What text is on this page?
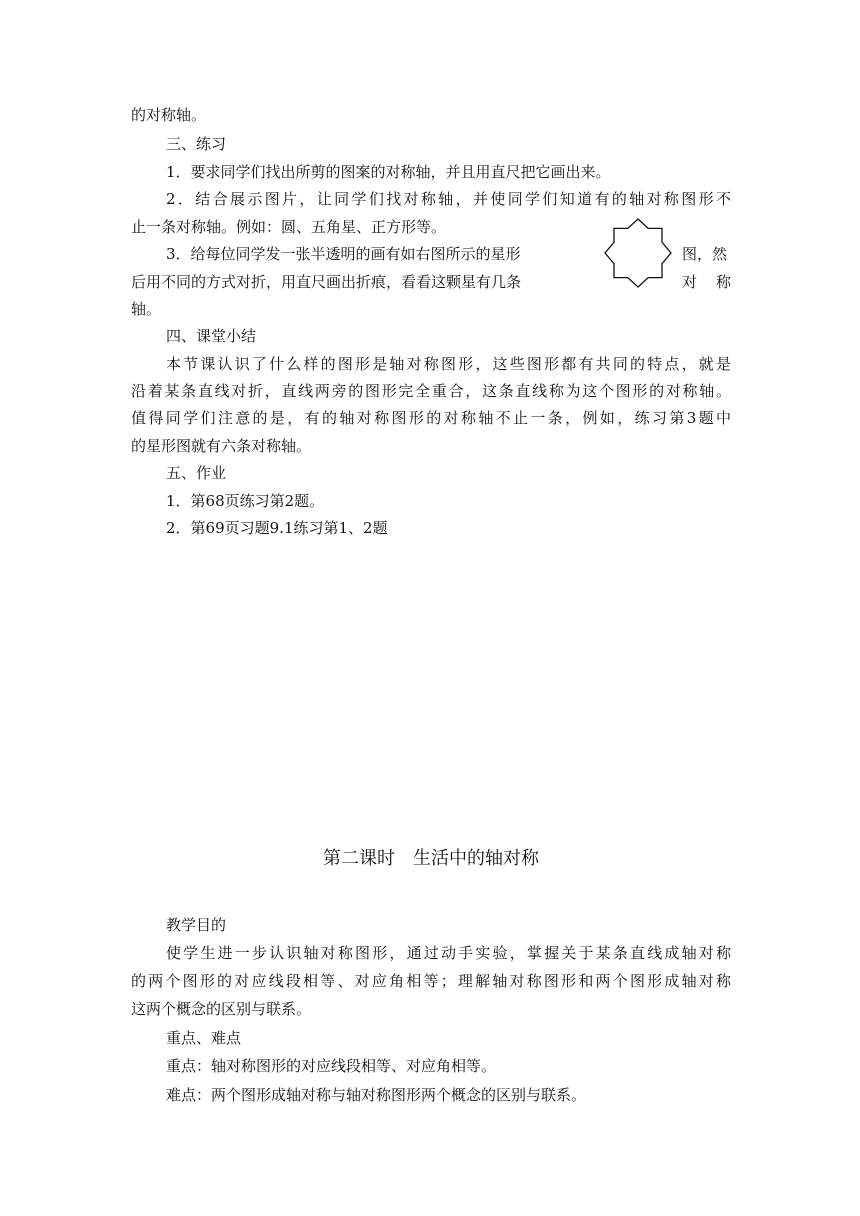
的对称轴。
三、练习
1．要求同学们找出所剪的图案的对称轴，并且用直尺把它画出来。
2．结合展示图片，让同学们找对称轴，并使同学们知道有的轴对称图形不
止一条对称轴。例如：圆、五角星、正方形等。
3．给每位同学发一张半透明的画有如右图所示的星形	图，然
后用不同的方式对折，用直尺画出折痕，看看这颗星有几条	对　称
轴。
四、课堂小结
本节课认识了什么样的图形是轴对称图形，这些图形都有共同的特点，就是
沿着某条直线对折，直线两旁的图形完全重合，这条直线称为这个图形的对称轴。
值得同学们注意的是，有的轴对称图形的对称轴不止一条，例如，练习第3题中
的星形图就有六条对称轴。
五、作业
1．第68页练习第2题。
2．第69页习题9.1练习第1、2题
第二课时　生活中的轴对称
教学目的
使学生进一步认识轴对称图形，通过动手实验，掌握关于某条直线成轴对称
的两个图形的对应线段相等、对应角相等；理解轴对称图形和两个图形成轴对称
这两个概念的区别与联系。
重点、难点
重点：轴对称图形的对应线段相等、对应角相等。
难点：两个图形成轴对称与轴对称图形两个概念的区别与联系。
